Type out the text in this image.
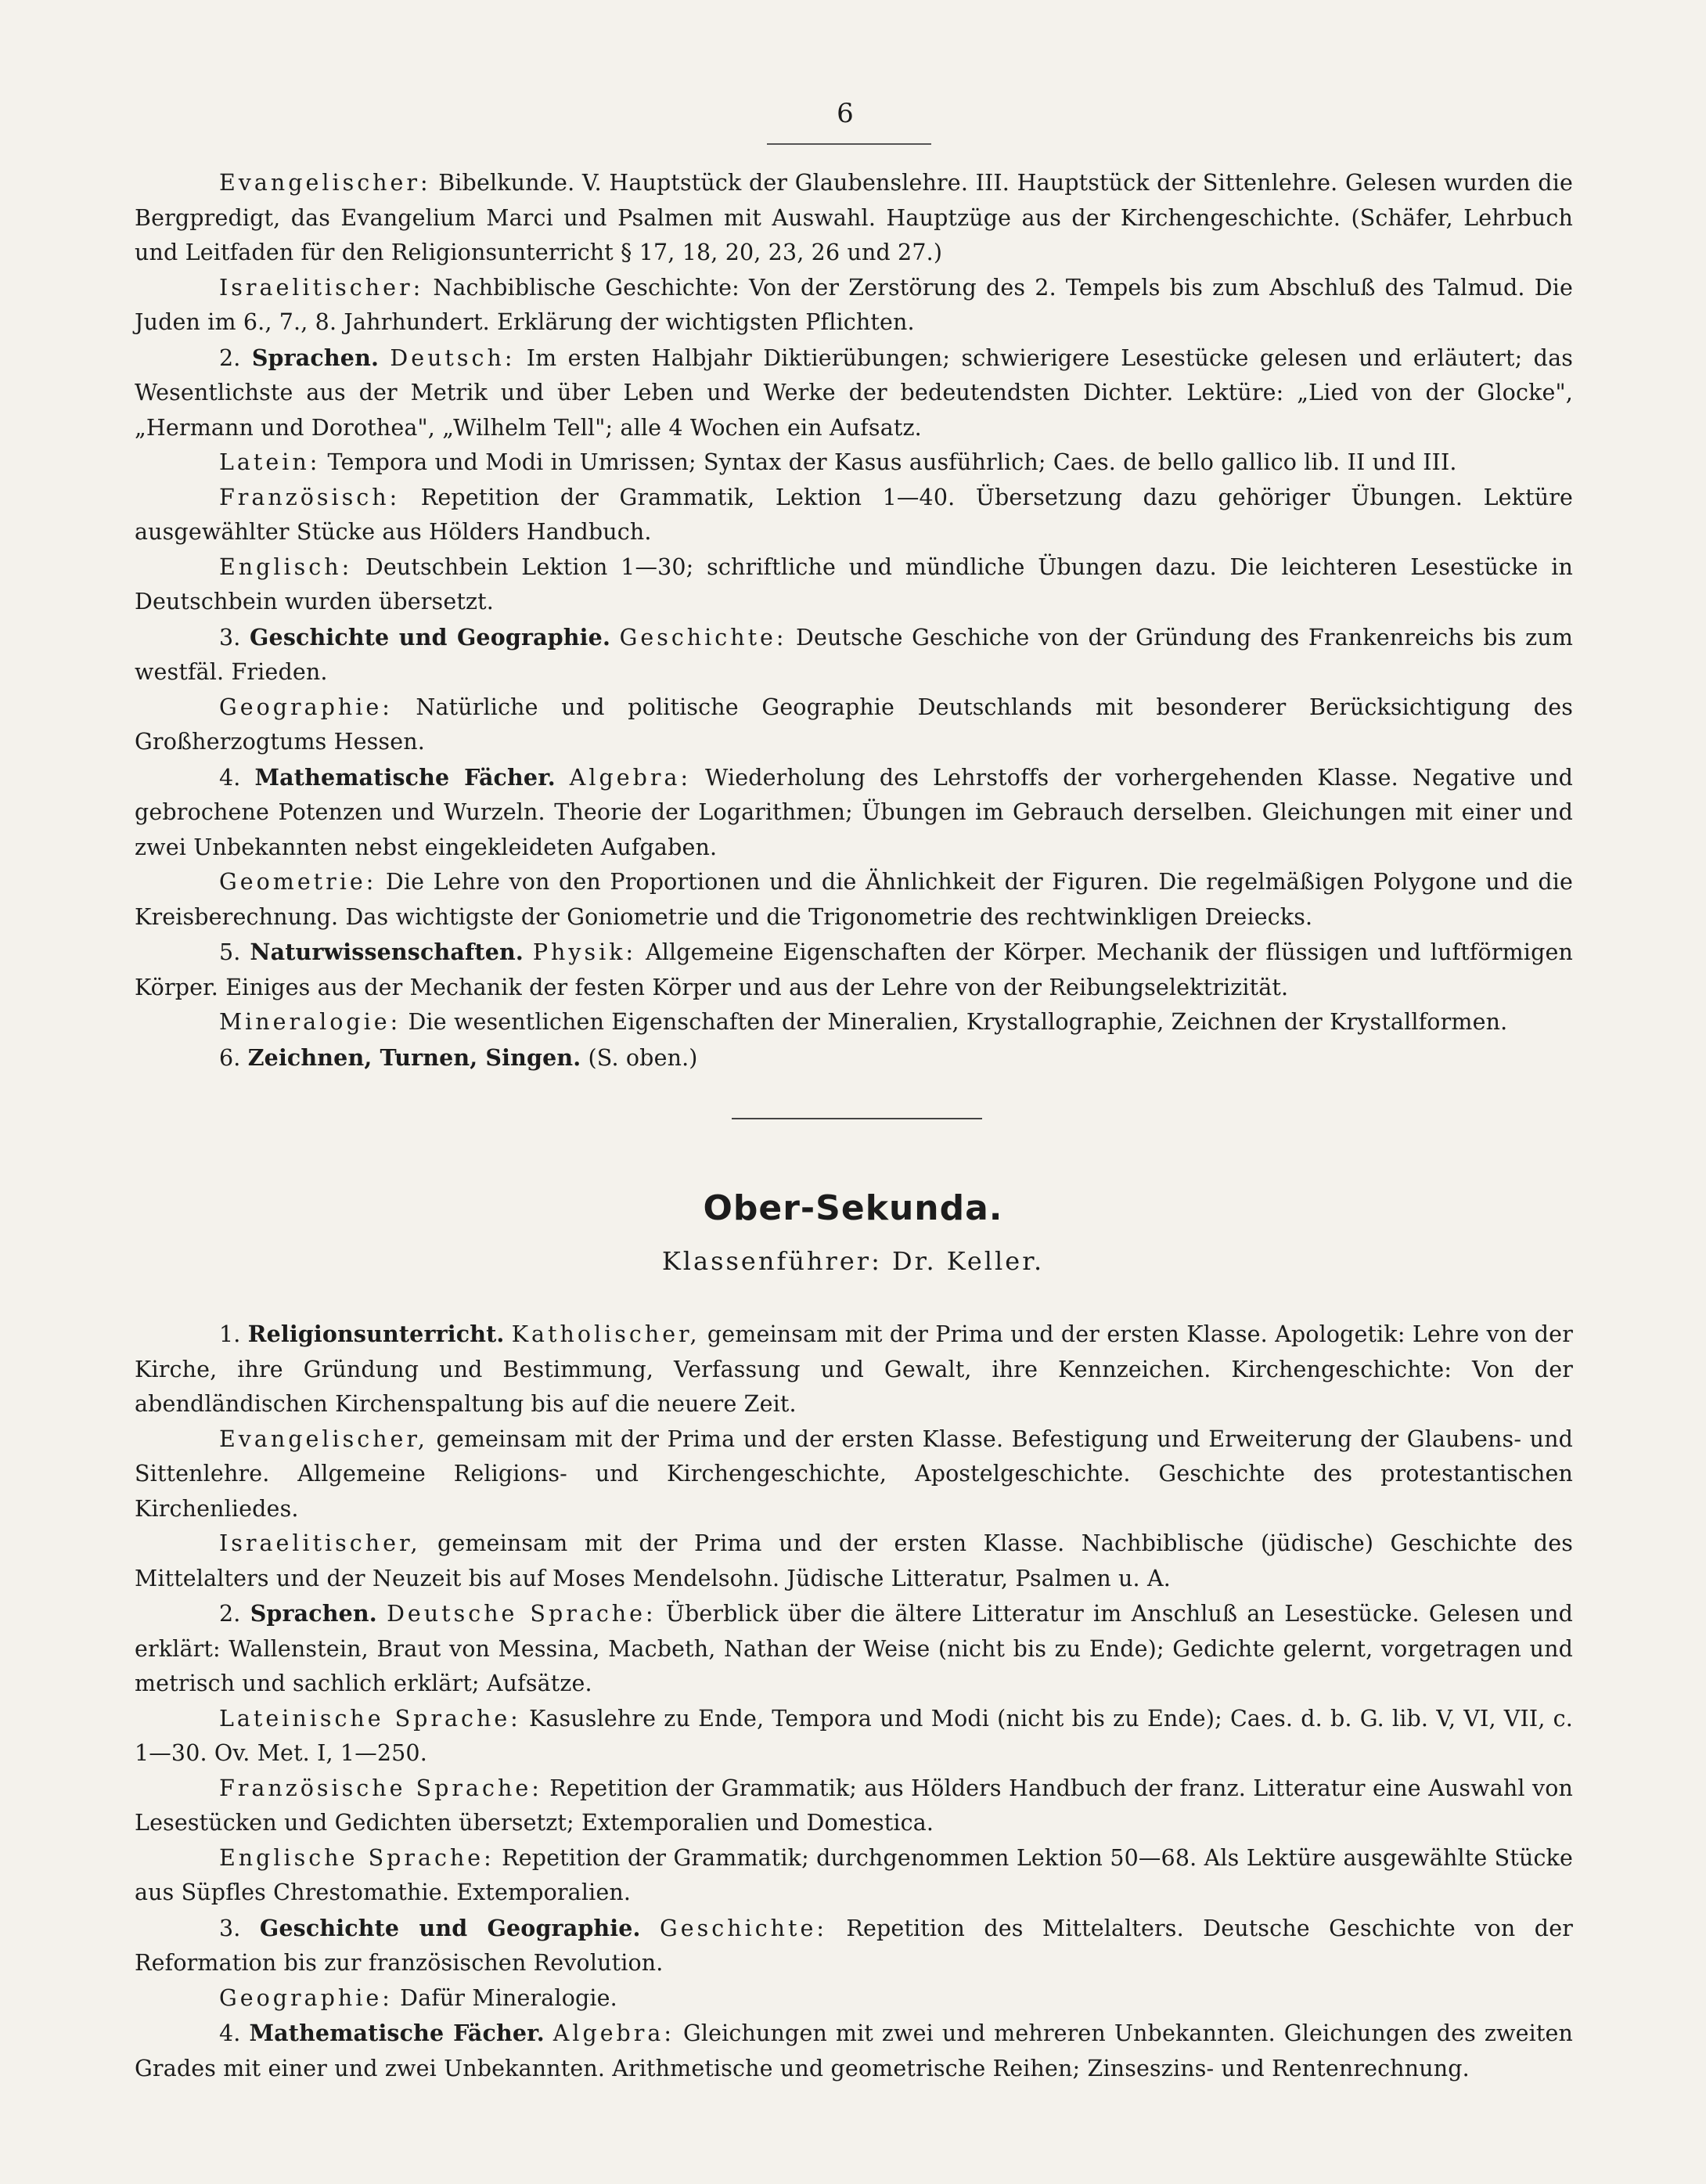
6

Evangelischer: Bibelkunde. V. Hauptstück der Glaubenslehre. III. Hauptstück der Sittenlehre. Gelesen wurden die Bergpredigt, das Evangelium Marci und Psalmen mit Auswahl. Hauptzüge aus der Kirchengeschichte. (Schäfer, Lehrbuch und Leitfaden für den Religionsunterricht § 17, 18, 20, 23, 26 und 27.)

Israelitischer: Nachbiblische Geschichte: Von der Zerstörung des 2. Tempels bis zum Abschluß des Talmud. Die Juden im 6., 7., 8. Jahrhundert. Erklärung der wichtigsten Pflichten.

2. Sprachen. Deutsch: Im ersten Halbjahr Diktierübungen; schwierigere Lesestücke gelesen und erläutert; das Wesentlichste aus der Metrik und über Leben und Werke der bedeutendsten Dichter. Lektüre: „Lied von der Glocke", „Hermann und Dorothea", „Wilhelm Tell"; alle 4 Wochen ein Aufsatz.

Latein: Tempora und Modi in Umrissen; Syntax der Kasus ausführlich; Caes. de bello gallico lib. II und III.

Französisch: Repetition der Grammatik, Lektion 1—40. Übersetzung dazu gehöriger Übungen. Lektüre ausgewählter Stücke aus Hölders Handbuch.

Englisch: Deutschbein Lektion 1—30; schriftliche und mündliche Übungen dazu. Die leichteren Lesestücke in Deutschbein wurden übersetzt.

3. Geschichte und Geographie. Geschichte: Deutsche Geschiche von der Gründung des Frankenreichs bis zum westfäl. Frieden.

Geographie: Natürliche und politische Geographie Deutschlands mit besonderer Berücksichtigung des Großherzogtums Hessen.

4. Mathematische Fächer. Algebra: Wiederholung des Lehrstoffs der vorhergehenden Klasse. Negative und gebrochene Potenzen und Wurzeln. Theorie der Logarithmen; Übungen im Gebrauch derselben. Gleichungen mit einer und zwei Unbekannten nebst eingekleideten Aufgaben.

Geometrie: Die Lehre von den Proportionen und die Ähnlichkeit der Figuren. Die regelmäßigen Polygone und die Kreisberechnung. Das wichtigste der Goniometrie und die Trigonometrie des rechtwinkligen Dreiecks.

5. Naturwissenschaften. Physik: Allgemeine Eigenschaften der Körper. Mechanik der flüssigen und luftförmigen Körper. Einiges aus der Mechanik der festen Körper und aus der Lehre von der Reibungselektrizität.

Mineralogie: Die wesentlichen Eigenschaften der Mineralien, Krystallographie, Zeichnen der Krystallformen.

6. Zeichnen, Turnen, Singen. (S. oben.)

Ober-Sekunda.
Klassenführer: Dr. Keller.

1. Religionsunterricht. Katholischer, gemeinsam mit der Prima und der ersten Klasse. Apologetik: Lehre von der Kirche, ihre Gründung und Bestimmung, Verfassung und Gewalt, ihre Kennzeichen. Kirchengeschichte: Von der abendländischen Kirchenspaltung bis auf die neuere Zeit.

Evangelischer, gemeinsam mit der Prima und der ersten Klasse. Befestigung und Erweiterung der Glaubens- und Sittenlehre. Allgemeine Religions- und Kirchengeschichte, Apostelgeschichte. Geschichte des protestantischen Kirchenliedes.

Israelitischer, gemeinsam mit der Prima und der ersten Klasse. Nachbiblische (jüdische) Geschichte des Mittelalters und der Neuzeit bis auf Moses Mendelsohn. Jüdische Litteratur, Psalmen u. A.

2. Sprachen. Deutsche Sprache: Überblick über die ältere Litteratur im Anschluß an Lesestücke. Gelesen und erklärt: Wallenstein, Braut von Messina, Macbeth, Nathan der Weise (nicht bis zu Ende); Gedichte gelernt, vorgetragen und metrisch und sachlich erklärt; Aufsätze.

Lateinische Sprache: Kasuslehre zu Ende, Tempora und Modi (nicht bis zu Ende); Caes. d. b. G. lib. V, VI, VII, c. 1—30. Ov. Met. I, 1—250.

Französische Sprache: Repetition der Grammatik; aus Hölders Handbuch der franz. Litteratur eine Auswahl von Lesestücken und Gedichten übersetzt; Extemporalien und Domestica.

Englische Sprache: Repetition der Grammatik; durchgenommen Lektion 50—68. Als Lektüre ausgewählte Stücke aus Süpfles Chrestomathie. Extemporalien.

3. Geschichte und Geographie. Geschichte: Repetition des Mittelalters. Deutsche Geschichte von der Reformation bis zur französischen Revolution.

Geographie: Dafür Mineralogie.

4. Mathematische Fächer. Algebra: Gleichungen mit zwei und mehreren Unbekannten. Gleichungen des zweiten Grades mit einer und zwei Unbekannten. Arithmetische und geometrische Reihen; Zinseszins- und Rentenrechnung.
